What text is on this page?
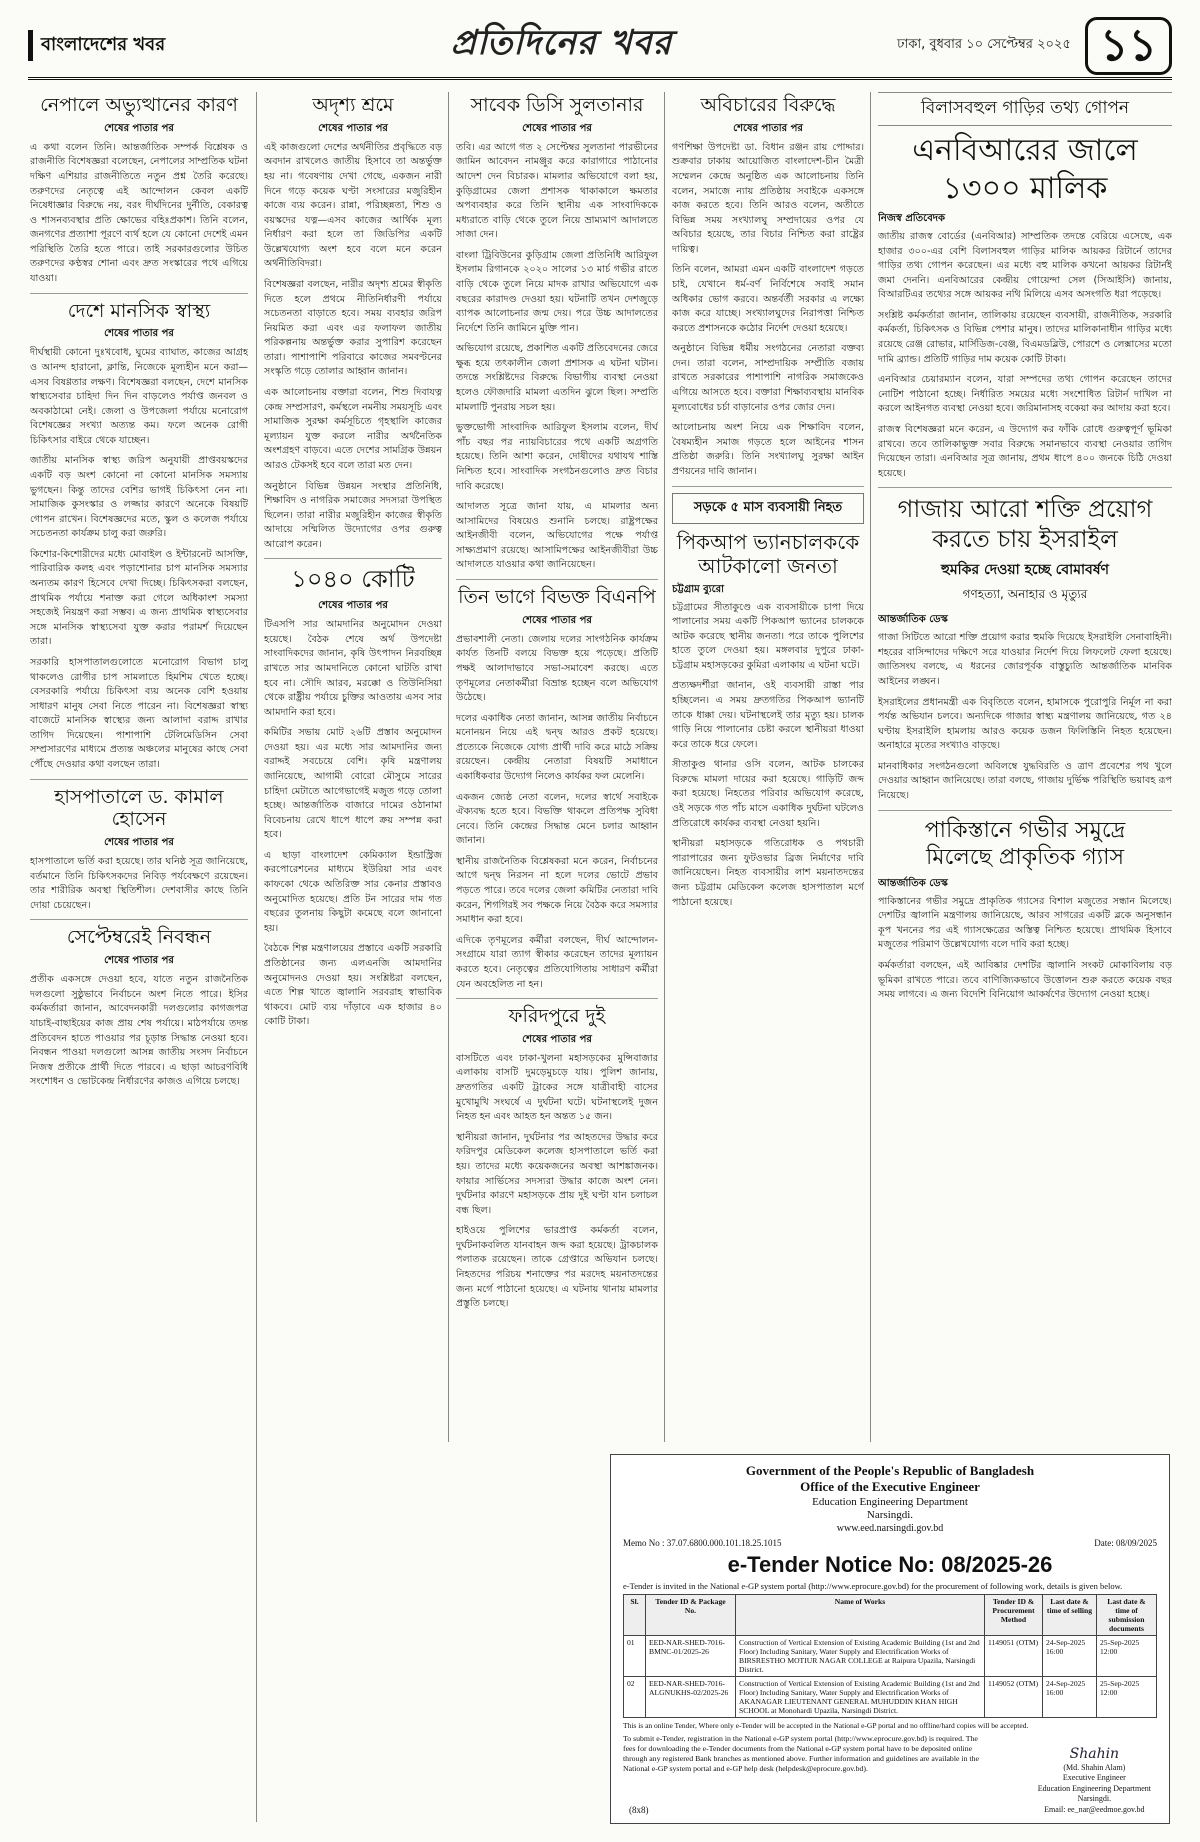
বাংলাদেশের খবর	প্রতিদিনের খবর	ঢাকা, বুধবার ১০ সেপ্টেম্বর ২০২৫ ১১
নেপালে অভ্যুত্থানের কারণ
শেষের পাতার পর

এ কথা বলেন তিনি। আন্তর্জাতিক সম্পর্ক বিশ্লেষক ও রাজনীতি বিশেষজ্ঞরা বলেছেন, নেপালের সাম্প্রতিক ঘটনা দক্ষিণ এশিয়ার রাজনীতিতে নতুন প্রশ্ন তৈরি করেছে। তরুণদের নেতৃত্বে এই আন্দোলন কেবল একটি নিষেধাজ্ঞার বিরুদ্ধে নয়, বরং দীর্ঘদিনের দুর্নীতি, বেকারত্ব ও শাসনব্যবস্থার প্রতি ক্ষোভের বহিঃপ্রকাশ। তিনি বলেন, জনগণের প্রত্যাশা পূরণে ব্যর্থ হলে যে কোনো দেশেই এমন পরিস্থিতি তৈরি হতে পারে। তাই সরকারগুলোর উচিত তরুণদের কণ্ঠস্বর শোনা এবং দ্রুত সংস্কারের পথে এগিয়ে যাওয়া।

দেশে মানসিক স্বাস্থ্য
শেষের পাতার পর

দীর্ঘস্থায়ী কোনো দুঃখবোধ, ঘুমের ব্যাঘাত, কাজের আগ্রহ ও আনন্দ হারানো, ক্লান্তি, নিজেকে মূল্যহীন মনে করা—এসব বিষণ্ণতার লক্ষণ। বিশেষজ্ঞরা বলছেন, দেশে মানসিক স্বাস্থ্যসেবার চাহিদা দিন দিন বাড়লেও পর্যাপ্ত জনবল ও অবকাঠামো নেই। জেলা ও উপজেলা পর্যায়ে মনোরোগ বিশেষজ্ঞের সংখ্যা অত্যন্ত কম। ফলে অনেক রোগী চিকিৎসার বাইরে থেকে যাচ্ছেন।

জাতীয় মানসিক স্বাস্থ্য জরিপ অনুযায়ী প্রাপ্তবয়স্কদের একটি বড় অংশ কোনো না কোনো মানসিক সমস্যায় ভুগছেন। কিন্তু তাদের বেশির ভাগই চিকিৎসা নেন না। সামাজিক কুসংস্কার ও লজ্জার কারণে অনেকে বিষয়টি গোপন রাখেন। বিশেষজ্ঞদের মতে, স্কুল ও কলেজ পর্যায়ে সচেতনতা কার্যক্রম চালু করা জরুরি।

কিশোর-কিশোরীদের মধ্যে মোবাইল ও ইন্টারনেট আসক্তি, পারিবারিক কলহ এবং পড়াশোনার চাপ মানসিক সমস্যার অন্যতম কারণ হিসেবে দেখা দিচ্ছে। চিকিৎসকরা বলছেন, প্রাথমিক পর্যায়ে শনাক্ত করা গেলে অধিকাংশ সমস্যা সহজেই নিয়ন্ত্রণ করা সম্ভব। এ জন্য প্রাথমিক স্বাস্থ্যসেবার সঙ্গে মানসিক স্বাস্থ্যসেবা যুক্ত করার পরামর্শ দিয়েছেন তারা।

সরকারি হাসপাতালগুলোতে মনোরোগ বিভাগ চালু থাকলেও রোগীর চাপ সামলাতে হিমশিম খেতে হচ্ছে। বেসরকারি পর্যায়ে চিকিৎসা ব্যয় অনেক বেশি হওয়ায় সাধারণ মানুষ সেবা নিতে পারেন না। বিশেষজ্ঞরা স্বাস্থ্য বাজেটে মানসিক স্বাস্থ্যের জন্য আলাদা বরাদ্দ রাখার তাগিদ দিয়েছেন। পাশাপাশি টেলিমেডিসিন সেবা সম্প্রসারণের মাধ্যমে প্রত্যন্ত অঞ্চলের মানুষের কাছে সেবা পৌঁছে দেওয়ার কথা বলছেন তারা।

হাসপাতালে ড. কামাল হোসেন
শেষের পাতার পর

হাসপাতালে ভর্তি করা হয়েছে। তার ঘনিষ্ঠ সূত্র জানিয়েছে, বর্তমানে তিনি চিকিৎসকদের নিবিড় পর্যবেক্ষণে রয়েছেন। তার শারীরিক অবস্থা স্থিতিশীল। দেশবাসীর কাছে তিনি দোয়া চেয়েছেন।

সেপ্টেম্বরেই নিবন্ধন
শেষের পাতার পর

প্রতীক একসঙ্গে দেওয়া হবে, যাতে নতুন রাজনৈতিক দলগুলো সুষ্ঠুভাবে নির্বাচনে অংশ নিতে পারে। ইসির কর্মকর্তারা জানান, আবেদনকারী দলগুলোর কাগজপত্র যাচাই-বাছাইয়ের কাজ প্রায় শেষ পর্যায়ে। মাঠপর্যায়ে তদন্ত প্রতিবেদন হাতে পাওয়ার পর চূড়ান্ত সিদ্ধান্ত নেওয়া হবে। নিবন্ধন পাওয়া দলগুলো আসন্ন জাতীয় সংসদ নির্বাচনে নিজস্ব প্রতীকে প্রার্থী দিতে পারবে। এ ছাড়া আচরণবিধি সংশোধন ও ভোটকেন্দ্র নির্ধারণের কাজও এগিয়ে চলছে।

অদৃশ্য শ্রমে
শেষের পাতার পর

এই কাজগুলো দেশের অর্থনীতির প্রবৃদ্ধিতে বড় অবদান রাখলেও জাতীয় হিসাবে তা অন্তর্ভুক্ত হয় না। গবেষণায় দেখা গেছে, একজন নারী দিনে গড়ে কয়েক ঘণ্টা সংসারের মজুরিহীন কাজে ব্যয় করেন। রান্না, পরিচ্ছন্নতা, শিশু ও বয়স্কদের যত্ন—এসব কাজের আর্থিক মূল্য নির্ধারণ করা হলে তা জিডিপির একটি উল্লেখযোগ্য অংশ হবে বলে মনে করেন অর্থনীতিবিদরা।

বিশেষজ্ঞরা বলছেন, নারীর অদৃশ্য শ্রমের স্বীকৃতি দিতে হলে প্রথমে নীতিনির্ধারণী পর্যায়ে সচেতনতা বাড়াতে হবে। সময় ব্যবহার জরিপ নিয়মিত করা এবং এর ফলাফল জাতীয় পরিকল্পনায় অন্তর্ভুক্ত করার সুপারিশ করেছেন তারা। পাশাপাশি পরিবারে কাজের সমবণ্টনের সংস্কৃতি গড়ে তোলার আহ্বান জানান।

এক আলোচনায় বক্তারা বলেন, শিশু দিবাযত্ন কেন্দ্র সম্প্রসারণ, কর্মস্থলে নমনীয় সময়সূচি এবং সামাজিক সুরক্ষা কর্মসূচিতে গৃহস্থালি কাজের মূল্যায়ন যুক্ত করলে নারীর অর্থনৈতিক অংশগ্রহণ বাড়বে। এতে দেশের সামগ্রিক উন্নয়ন আরও টেকসই হবে বলে তারা মত দেন।

অনুষ্ঠানে বিভিন্ন উন্নয়ন সংস্থার প্রতিনিধি, শিক্ষাবিদ ও নাগরিক সমাজের সদস্যরা উপস্থিত ছিলেন। তারা নারীর মজুরিহীন কাজের স্বীকৃতি আদায়ে সম্মিলিত উদ্যোগের ওপর গুরুত্ব আরোপ করেন।

১০৪০ কোটি
শেষের পাতার পর

টিএসপি সার আমদানির অনুমোদন দেওয়া হয়েছে। বৈঠক শেষে অর্থ উপদেষ্টা সাংবাদিকদের জানান, কৃষি উৎপাদন নিরবচ্ছিন্ন রাখতে সার আমদানিতে কোনো ঘাটতি রাখা হবে না। সৌদি আরব, মরক্কো ও তিউনিসিয়া থেকে রাষ্ট্রীয় পর্যায়ে চুক্তির আওতায় এসব সার আমদানি করা হবে।

কমিটির সভায় মোট ২৬টি প্রস্তাব অনুমোদন দেওয়া হয়। এর মধ্যে সার আমদানির জন্য বরাদ্দই সবচেয়ে বেশি। কৃষি মন্ত্রণালয় জানিয়েছে, আগামী বোরো মৌসুমে সারের চাহিদা মেটাতে আগেভাগেই মজুত গড়ে তোলা হচ্ছে। আন্তর্জাতিক বাজারে দামের ওঠানামা বিবেচনায় রেখে ধাপে ধাপে ক্রয় সম্পন্ন করা হবে।

এ ছাড়া বাংলাদেশ কেমিক্যাল ইন্ডাস্ট্রিজ করপোরেশনের মাধ্যমে ইউরিয়া সার এবং কাফকো থেকে অতিরিক্ত সার কেনার প্রস্তাবও অনুমোদিত হয়েছে। প্রতি টন সারের দাম গত বছরের তুলনায় কিছুটা কমেছে বলে জানানো হয়।

বৈঠকে শিল্প মন্ত্রণালয়ের প্রস্তাবে একটি সরকারি প্রতিষ্ঠানের জন্য এলএনজি আমদানির অনুমোদনও দেওয়া হয়। সংশ্লিষ্টরা বলছেন, এতে শিল্প খাতে জ্বালানি সরবরাহ স্বাভাবিক থাকবে। মোট ব্যয় দাঁড়াবে এক হাজার ৪০ কোটি টাকা।

সাবেক ডিসি সুলতানার
শেষের পাতার পর

তবি। এর আগে গত ২ সেপ্টেম্বর সুলতানা পারভীনের জামিন আবেদন নামঞ্জুর করে কারাগারে পাঠানোর আদেশ দেন বিচারক। মামলার অভিযোগে বলা হয়, কুড়িগ্রামের জেলা প্রশাসক থাকাকালে ক্ষমতার অপব্যবহার করে তিনি স্থানীয় এক সাংবাদিককে মধ্যরাতে বাড়ি থেকে তুলে নিয়ে ভ্রাম্যমাণ আদালতে সাজা দেন।

বাংলা ট্রিবিউনের কুড়িগ্রাম জেলা প্রতিনিধি আরিফুল ইসলাম রিগানকে ২০২০ সালের ১৩ মার্চ গভীর রাতে বাড়ি থেকে তুলে নিয়ে মাদক রাখার অভিযোগে এক বছরের কারাদণ্ড দেওয়া হয়। ঘটনাটি তখন দেশজুড়ে ব্যাপক আলোচনার জন্ম দেয়। পরে উচ্চ আদালতের নির্দেশে তিনি জামিনে মুক্তি পান।

অভিযোগ রয়েছে, প্রকাশিত একটি প্রতিবেদনের জেরে ক্ষুব্ধ হয়ে তৎকালীন জেলা প্রশাসক এ ঘটনা ঘটান। তদন্তে সংশ্লিষ্টদের বিরুদ্ধে বিভাগীয় ব্যবস্থা নেওয়া হলেও ফৌজদারি মামলা এতদিন ঝুলে ছিল। সম্প্রতি মামলাটি পুনরায় সচল হয়।

ভুক্তভোগী সাংবাদিক আরিফুল ইসলাম বলেন, দীর্ঘ পাঁচ বছর পর ন্যায়বিচারের পথে একটি অগ্রগতি হয়েছে। তিনি আশা করেন, দোষীদের যথাযথ শাস্তি নিশ্চিত হবে। সাংবাদিক সংগঠনগুলোও দ্রুত বিচার দাবি করেছে।

আদালত সূত্রে জানা যায়, এ মামলার অন্য আসামিদের বিষয়েও শুনানি চলছে। রাষ্ট্রপক্ষের আইনজীবী বলেন, অভিযোগের পক্ষে পর্যাপ্ত সাক্ষ্যপ্রমাণ রয়েছে। আসামিপক্ষের আইনজীবীরা উচ্চ আদালতে যাওয়ার কথা জানিয়েছেন।

তিন ভাগে বিভক্ত বিএনপি
শেষের পাতার পর

প্রভাবশালী নেতা। জেলায় দলের সাংগঠনিক কার্যক্রম কার্যত তিনটি বলয়ে বিভক্ত হয়ে পড়েছে। প্রতিটি পক্ষই আলাদাভাবে সভা-সমাবেশ করছে। এতে তৃণমূলের নেতাকর্মীরা বিভ্রান্ত হচ্ছেন বলে অভিযোগ উঠেছে।

দলের একাধিক নেতা জানান, আসন্ন জাতীয় নির্বাচনে মনোনয়ন নিয়ে এই দ্বন্দ্ব আরও প্রকট হয়েছে। প্রত্যেকে নিজেকে যোগ্য প্রার্থী দাবি করে মাঠে সক্রিয় রয়েছেন। কেন্দ্রীয় নেতারা বিষয়টি সমাধানে একাধিকবার উদ্যোগ নিলেও কার্যকর ফল মেলেনি।

একজন জ্যেষ্ঠ নেতা বলেন, দলের স্বার্থে সবাইকে ঐক্যবদ্ধ হতে হবে। বিভক্তি থাকলে প্রতিপক্ষ সুবিধা নেবে। তিনি কেন্দ্রের সিদ্ধান্ত মেনে চলার আহ্বান জানান।

স্থানীয় রাজনৈতিক বিশ্লেষকরা মনে করেন, নির্বাচনের আগে দ্বন্দ্ব নিরসন না হলে দলের ভোটে প্রভাব পড়তে পারে। তবে দলের জেলা কমিটির নেতারা দাবি করেন, শিগগিরই সব পক্ষকে নিয়ে বৈঠক করে সমস্যার সমাধান করা হবে।

এদিকে তৃণমূলের কর্মীরা বলছেন, দীর্ঘ আন্দোলন-সংগ্রামে যারা ত্যাগ স্বীকার করেছেন তাদের মূল্যায়ন করতে হবে। নেতৃত্বের প্রতিযোগিতায় সাধারণ কর্মীরা যেন অবহেলিত না হন।

ফরিদপুরে দুই
শেষের পাতার পর

বাসটিতে এবং ঢাকা-খুলনা মহাসড়কের মুন্সিবাজার এলাকায় বাসটি দুমড়েমুচড়ে যায়। পুলিশ জানায়, দ্রুতগতির একটি ট্রাকের সঙ্গে যাত্রীবাহী বাসের মুখোমুখি সংঘর্ষে এ দুর্ঘটনা ঘটে। ঘটনাস্থলেই দুজন নিহত হন এবং আহত হন অন্তত ১৫ জন।

স্থানীয়রা জানান, দুর্ঘটনার পর আহতদের উদ্ধার করে ফরিদপুর মেডিকেল কলেজ হাসপাতালে ভর্তি করা হয়। তাদের মধ্যে কয়েকজনের অবস্থা আশঙ্কাজনক। ফায়ার সার্ভিসের সদস্যরা উদ্ধার কাজে অংশ নেন। দুর্ঘটনার কারণে মহাসড়কে প্রায় দুই ঘণ্টা যান চলাচল বন্ধ ছিল।

হাইওয়ে পুলিশের ভারপ্রাপ্ত কর্মকর্তা বলেন, দুর্ঘটনাকবলিত যানবাহন জব্দ করা হয়েছে। ট্রাকচালক পলাতক রয়েছেন। তাকে গ্রেপ্তারে অভিযান চলছে। নিহতদের পরিচয় শনাক্তের পর মরদেহ ময়নাতদন্তের জন্য মর্গে পাঠানো হয়েছে। এ ঘটনায় থানায় মামলার প্রস্তুতি চলছে।

অবিচারের বিরুদ্ধে
শেষের পাতার পর

গণশিক্ষা উপদেষ্টা ডা. বিধান রঞ্জন রায় পোদ্দার। শুক্রবার ঢাকায় আয়োজিত বাংলাদেশ-চীন মৈত্রী সম্মেলন কেন্দ্রে অনুষ্ঠিত এক আলোচনায় তিনি বলেন, সমাজে ন্যায় প্রতিষ্ঠায় সবাইকে একসঙ্গে কাজ করতে হবে। তিনি আরও বলেন, অতীতে বিভিন্ন সময় সংখ্যালঘু সম্প্রদায়ের ওপর যে অবিচার হয়েছে, তার বিচার নিশ্চিত করা রাষ্ট্রের দায়িত্ব।

তিনি বলেন, আমরা এমন একটি বাংলাদেশ গড়তে চাই, যেখানে ধর্ম-বর্ণ নির্বিশেষে সবাই সমান অধিকার ভোগ করবে। অন্তর্বর্তী সরকার এ লক্ষ্যে কাজ করে যাচ্ছে। সংখ্যালঘুদের নিরাপত্তা নিশ্চিত করতে প্রশাসনকে কঠোর নির্দেশ দেওয়া হয়েছে।

অনুষ্ঠানে বিভিন্ন ধর্মীয় সংগঠনের নেতারা বক্তব্য দেন। তারা বলেন, সাম্প্রদায়িক সম্প্রীতি বজায় রাখতে সরকারের পাশাপাশি নাগরিক সমাজকেও এগিয়ে আসতে হবে। বক্তারা শিক্ষাব্যবস্থায় মানবিক মূল্যবোধের চর্চা বাড়ানোর ওপর জোর দেন।

আলোচনায় অংশ নিয়ে এক শিক্ষাবিদ বলেন, বৈষম্যহীন সমাজ গড়তে হলে আইনের শাসন প্রতিষ্ঠা জরুরি। তিনি সংখ্যালঘু সুরক্ষা আইন প্রণয়নের দাবি জানান।

সড়কে ৫ মাস ব্যবসায়ী নিহত
পিকআপ ভ্যানচালককে আটকালো জনতা
চট্টগ্রাম ব্যুরো

চট্টগ্রামের সীতাকুণ্ডে এক ব্যবসায়ীকে চাপা দিয়ে পালানোর সময় একটি পিকআপ ভ্যানের চালককে আটক করেছে স্থানীয় জনতা। পরে তাকে পুলিশের হাতে তুলে দেওয়া হয়। মঙ্গলবার দুপুরে ঢাকা-চট্টগ্রাম মহাসড়কের কুমিরা এলাকায় এ ঘটনা ঘটে।

প্রত্যক্ষদর্শীরা জানান, ওই ব্যবসায়ী রাস্তা পার হচ্ছিলেন। এ সময় দ্রুতগতির পিকআপ ভ্যানটি তাকে ধাক্কা দেয়। ঘটনাস্থলেই তার মৃত্যু হয়। চালক গাড়ি নিয়ে পালানোর চেষ্টা করলে স্থানীয়রা ধাওয়া করে তাকে ধরে ফেলে।

সীতাকুণ্ড থানার ওসি বলেন, আটক চালকের বিরুদ্ধে মামলা দায়ের করা হয়েছে। গাড়িটি জব্দ করা হয়েছে। নিহতের পরিবার অভিযোগ করেছে, ওই সড়কে গত পাঁচ মাসে একাধিক দুর্ঘটনা ঘটলেও প্রতিরোধে কার্যকর ব্যবস্থা নেওয়া হয়নি।

স্থানীয়রা মহাসড়কে গতিরোধক ও পথচারী পারাপারের জন্য ফুটওভার ব্রিজ নির্মাণের দাবি জানিয়েছেন। নিহত ব্যবসায়ীর লাশ ময়নাতদন্তের জন্য চট্টগ্রাম মেডিকেল কলেজ হাসপাতাল মর্গে পাঠানো হয়েছে।

বিলাসবহুল গাড়ির তথ্য গোপন
এনবিআরের জালে
১৩০০ মালিক
নিজস্ব প্রতিবেদক

জাতীয় রাজস্ব বোর্ডের (এনবিআর) সাম্প্রতিক তদন্তে বেরিয়ে এসেছে, এক হাজার ৩০০-এর বেশি বিলাসবহুল গাড়ির মালিক আয়কর রিটার্নে তাদের গাড়ির তথ্য গোপন করেছেন। এর মধ্যে বহু মালিক কখনো আয়কর রিটার্নই জমা দেননি। এনবিআরের কেন্দ্রীয় গোয়েন্দা সেল (সিআইসি) জানায়, বিআরটিএর তথ্যের সঙ্গে আয়কর নথি মিলিয়ে এসব অসংগতি ধরা পড়েছে।

সংশ্লিষ্ট কর্মকর্তারা জানান, তালিকায় রয়েছেন ব্যবসায়ী, রাজনীতিক, সরকারি কর্মকর্তা, চিকিৎসক ও বিভিন্ন পেশার মানুষ। তাদের মালিকানাধীন গাড়ির মধ্যে রয়েছে রেঞ্জ রোভার, মার্সিডিজ-বেঞ্জ, বিএমডব্লিউ, পোরশে ও লেক্সাসের মতো দামি ব্র্যান্ড। প্রতিটি গাড়ির দাম কয়েক কোটি টাকা।

এনবিআর চেয়ারম্যান বলেন, যারা সম্পদের তথ্য গোপন করেছেন তাদের নোটিশ পাঠানো হচ্ছে। নির্ধারিত সময়ের মধ্যে সংশোধিত রিটার্ন দাখিল না করলে আইনগত ব্যবস্থা নেওয়া হবে। জরিমানাসহ বকেয়া কর আদায় করা হবে।

রাজস্ব বিশেষজ্ঞরা মনে করেন, এ উদ্যোগ কর ফাঁকি রোধে গুরুত্বপূর্ণ ভূমিকা রাখবে। তবে তালিকাভুক্ত সবার বিরুদ্ধে সমানভাবে ব্যবস্থা নেওয়ার তাগিদ দিয়েছেন তারা। এনবিআর সূত্র জানায়, প্রথম ধাপে ৪০০ জনকে চিঠি দেওয়া হয়েছে।

গাজায় আরো শক্তি প্রয়োগ
করতে চায় ইসরাইল
হুমকির দেওয়া হচ্ছে বোমাবর্ষণ
গণহত্যা, অনাহার ও মৃত্যুর
আন্তর্জাতিক ডেস্ক

গাজা সিটিতে আরো শক্তি প্রয়োগ করার হুমকি দিয়েছে ইসরাইলি সেনাবাহিনী। শহরের বাসিন্দাদের দক্ষিণে সরে যাওয়ার নির্দেশ দিয়ে লিফলেট ফেলা হয়েছে। জাতিসংঘ বলছে, এ ধরনের জোরপূর্বক বাস্তুচ্যুতি আন্তর্জাতিক মানবিক আইনের লঙ্ঘন।

ইসরাইলের প্রধানমন্ত্রী এক বিবৃতিতে বলেন, হামাসকে পুরোপুরি নির্মূল না করা পর্যন্ত অভিযান চলবে। অন্যদিকে গাজার স্বাস্থ্য মন্ত্রণালয় জানিয়েছে, গত ২৪ ঘণ্টায় ইসরাইলি হামলায় আরও কয়েক ডজন ফিলিস্তিনি নিহত হয়েছেন। অনাহারে মৃতের সংখ্যাও বাড়ছে।

মানবাধিকার সংগঠনগুলো অবিলম্বে যুদ্ধবিরতি ও ত্রাণ প্রবেশের পথ খুলে দেওয়ার আহ্বান জানিয়েছে। তারা বলছে, গাজায় দুর্ভিক্ষ পরিস্থিতি ভয়াবহ রূপ নিয়েছে।

পাকিস্তানে গভীর সমুদ্রে
মিলেছে প্রাকৃতিক গ্যাস
আন্তর্জাতিক ডেস্ক

পাকিস্তানের গভীর সমুদ্রে প্রাকৃতিক গ্যাসের বিশাল মজুতের সন্ধান মিলেছে। দেশটির জ্বালানি মন্ত্রণালয় জানিয়েছে, আরব সাগরের একটি ব্লকে অনুসন্ধান কূপ খননের পর এই গ্যাসক্ষেত্রের অস্তিত্ব নিশ্চিত হয়েছে। প্রাথমিক হিসাবে মজুতের পরিমাণ উল্লেখযোগ্য বলে দাবি করা হচ্ছে।

কর্মকর্তারা বলছেন, এই আবিষ্কার দেশটির জ্বালানি সংকট মোকাবিলায় বড় ভূমিকা রাখতে পারে। তবে বাণিজ্যিকভাবে উত্তোলন শুরু করতে কয়েক বছর সময় লাগবে। এ জন্য বিদেশি বিনিয়োগ আকর্ষণের উদ্যোগ নেওয়া হচ্ছে।

Government of the People's Republic of Bangladesh
Office of the Executive Engineer
Education Engineering Department
Narsingdi.
www.eed.narsingdi.gov.bd
Memo No : 37.07.6800.000.101.18.25.1015	Date: 08/09/2025
e-Tender Notice No: 08/2025-26
e-Tender is invited in the National e-GP system portal (http://www.eprocure.gov.bd) for the procurement of following work, details is given below.
Sl.	Tender ID & Package No.	Name of Works	Tender ID & Procurement Method	Last date & time of selling	Last date & time of submission documents
01	EED-NAR-SHED-7016-BMNC-01/2025-26	Construction of Vertical Extension of Existing Academic Building (1st and 2nd Floor) Including Sanitary, Water Supply and Electrification Works of BIRSRESTHO MOTIUR NAGAR COLLEGE at Raipura Upazila, Narsingdi District.	1149051 (OTM)	24-Sep-2025 16:00	25-Sep-2025 12:00
02	EED-NAR-SHED-7016-ALGNUKHS-02/2025-26	Construction of Vertical Extension of Existing Academic Building (1st and 2nd Floor) Including Sanitary, Water Supply and Electrification Works of AKANAGAR LIEUTENANT GENERAL MUHUDDIN KHAN HIGH SCHOOL at Monohardi Upazila, Narsingdi District.	1149052 (OTM)	24-Sep-2025 16:00	25-Sep-2025 12:00
This is an online Tender, Where only e-Tender will be accepted in the National e-GP portal and no offline/hard copies will be accepted.
To submit e-Tender, registration in the National e-GP system portal (http://www.eprocure.gov.bd) is required. The fees for downloading the e-Tender documents from the National e-GP system portal have to be deposited online through any registered Bank branches as mentioned above. Further information and guidelines are available in the National e-GP system portal and e-GP help desk (helpdesk@eprocure.gov.bd).
Shahin
(Md. Shahin Alam)
Executive Engineer
Education Engineering Department
Narsingdi.
Email: ee_nar@eedmoe.gov.bd
(8x8)
